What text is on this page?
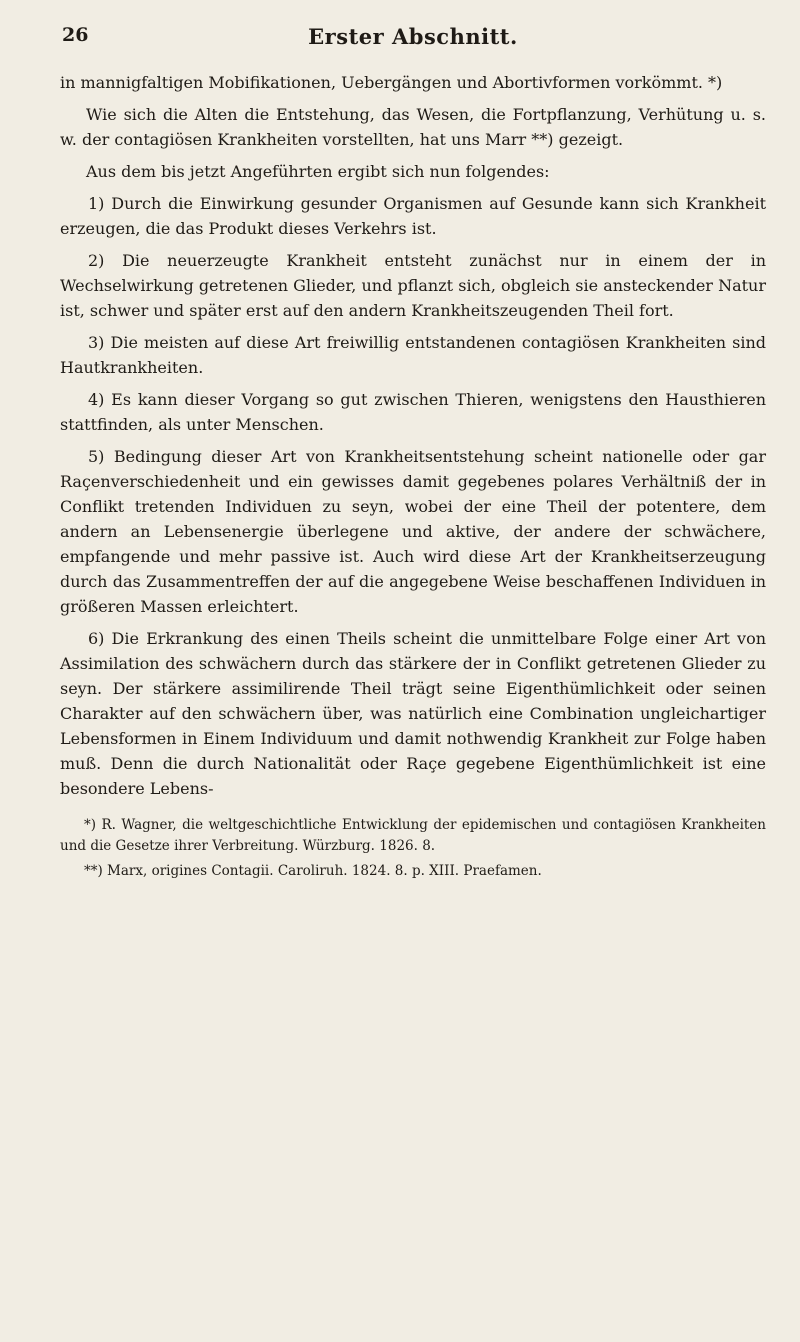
26	Erster Abschnitt.

in mannigfaltigen Mobifikationen, Uebergängen und Abortivformen vorkömmt. *)

Wie sich die Alten die Entstehung, das Wesen, die Fortpflanzung, Verhütung u. s. w. der contagiösen Krankheiten vorstellten, hat uns Marr **) gezeigt.

Aus dem bis jetzt Angeführten ergibt sich nun folgendes:

1) Durch die Einwirkung gesunder Organismen auf Gesunde kann sich Krankheit erzeugen, die das Produkt dieses Verkehrs ist.

2) Die neuerzeugte Krankheit entsteht zunächst nur in einem der in Wechselwirkung getretenen Glieder, und pflanzt sich, obgleich sie ansteckender Natur ist, schwer und später erst auf den andern Krankheitszeugenden Theil fort.

3) Die meisten auf diese Art freiwillig entstandenen contagiösen Krankheiten sind Hautkrankheiten.

4) Es kann dieser Vorgang so gut zwischen Thieren, wenigstens den Hausthieren stattfinden, als unter Menschen.

5) Bedingung dieser Art von Krankheitsentstehung scheint nationelle oder gar Raçenverschiedenheit und ein gewisses damit gegebenes polares Verhältniß der in Conflikt tretenden Individuen zu seyn, wobei der eine Theil der potentere, dem andern an Lebensenergie überlegene und aktive, der andere der schwächere, empfangende und mehr passive ist. Auch wird diese Art der Krankheitserzeugung durch das Zusammentreffen der auf die angegebene Weise beschaffenen Individuen in größeren Massen erleichtert.

6) Die Erkrankung des einen Theils scheint die unmittelbare Folge einer Art von Assimilation des schwächern durch das stärkere der in Conflikt getretenen Glieder zu seyn. Der stärkere assimilirende Theil trägt seine Eigenthümlichkeit oder seinen Charakter auf den schwächern über, was natürlich eine Combination ungleichartiger Lebensformen in Einem Individuum und damit nothwendig Krankheit zur Folge haben muß. Denn die durch Nationalität oder Raçe gegebene Eigenthümlichkeit ist eine besondere Lebens-

*) R. Wagner, die weltgeschichtliche Entwicklung der epidemischen und contagiösen Krankheiten und die Gesetze ihrer Verbreitung. Würzburg. 1826. 8.

**) Marx, origines Contagii. Caroliruh. 1824. 8. p. XIII. Praefamen.
